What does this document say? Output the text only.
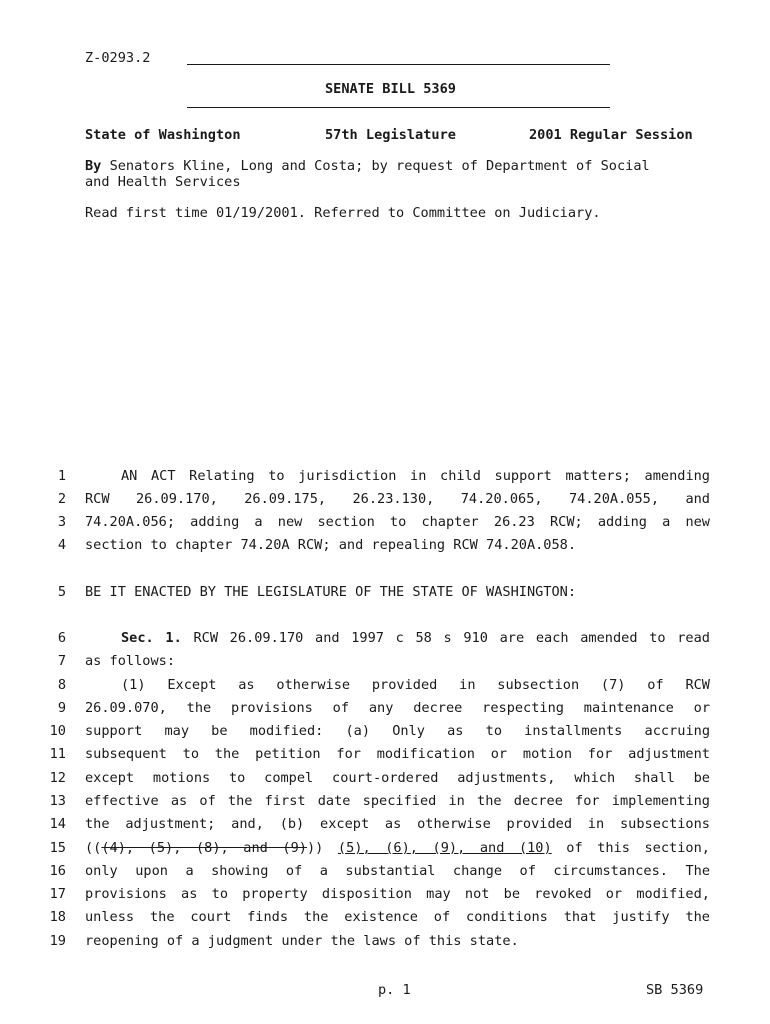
Z-0293.2
SENATE BILL 5369
State of Washington	57th Legislature	2001 Regular Session
By Senators Kline, Long and Costa; by request of Department of Social
and Health Services
Read first time 01/19/2001. Referred to Committee on Judiciary.
1	AN ACT Relating to jurisdiction in child support matters; amending
2 RCW 26.09.170, 26.09.175, 26.23.130, 74.20.065, 74.20A.055, and
3 74.20A.056; adding a new section to chapter 26.23 RCW; adding a new
4 section to chapter 74.20A RCW; and repealing RCW 74.20A.058.
5 BE IT ENACTED BY THE LEGISLATURE OF THE STATE OF WASHINGTON:
6	Sec. 1. RCW 26.09.170 and 1997 c 58 s 910 are each amended to read
7 as follows:
8	(1) Except as otherwise provided in subsection (7) of RCW
9 26.09.070, the provisions of any decree respecting maintenance or
10 support may be modified: (a) Only as to installments accruing
11 subsequent to the petition for modification or motion for adjustment
12 except motions to compel court-ordered adjustments, which shall be
13 effective as of the first date specified in the decree for implementing
14 the adjustment; and, (b) except as otherwise provided in subsections
15 (((4), (5), (8), and (9))) (5), (6), (9), and (10) of this section,
16 only upon a showing of a substantial change of circumstances. The
17 provisions as to property disposition may not be revoked or modified,
18 unless the court finds the existence of conditions that justify the
19 reopening of a judgment under the laws of this state.
p. 1	SB 5369
